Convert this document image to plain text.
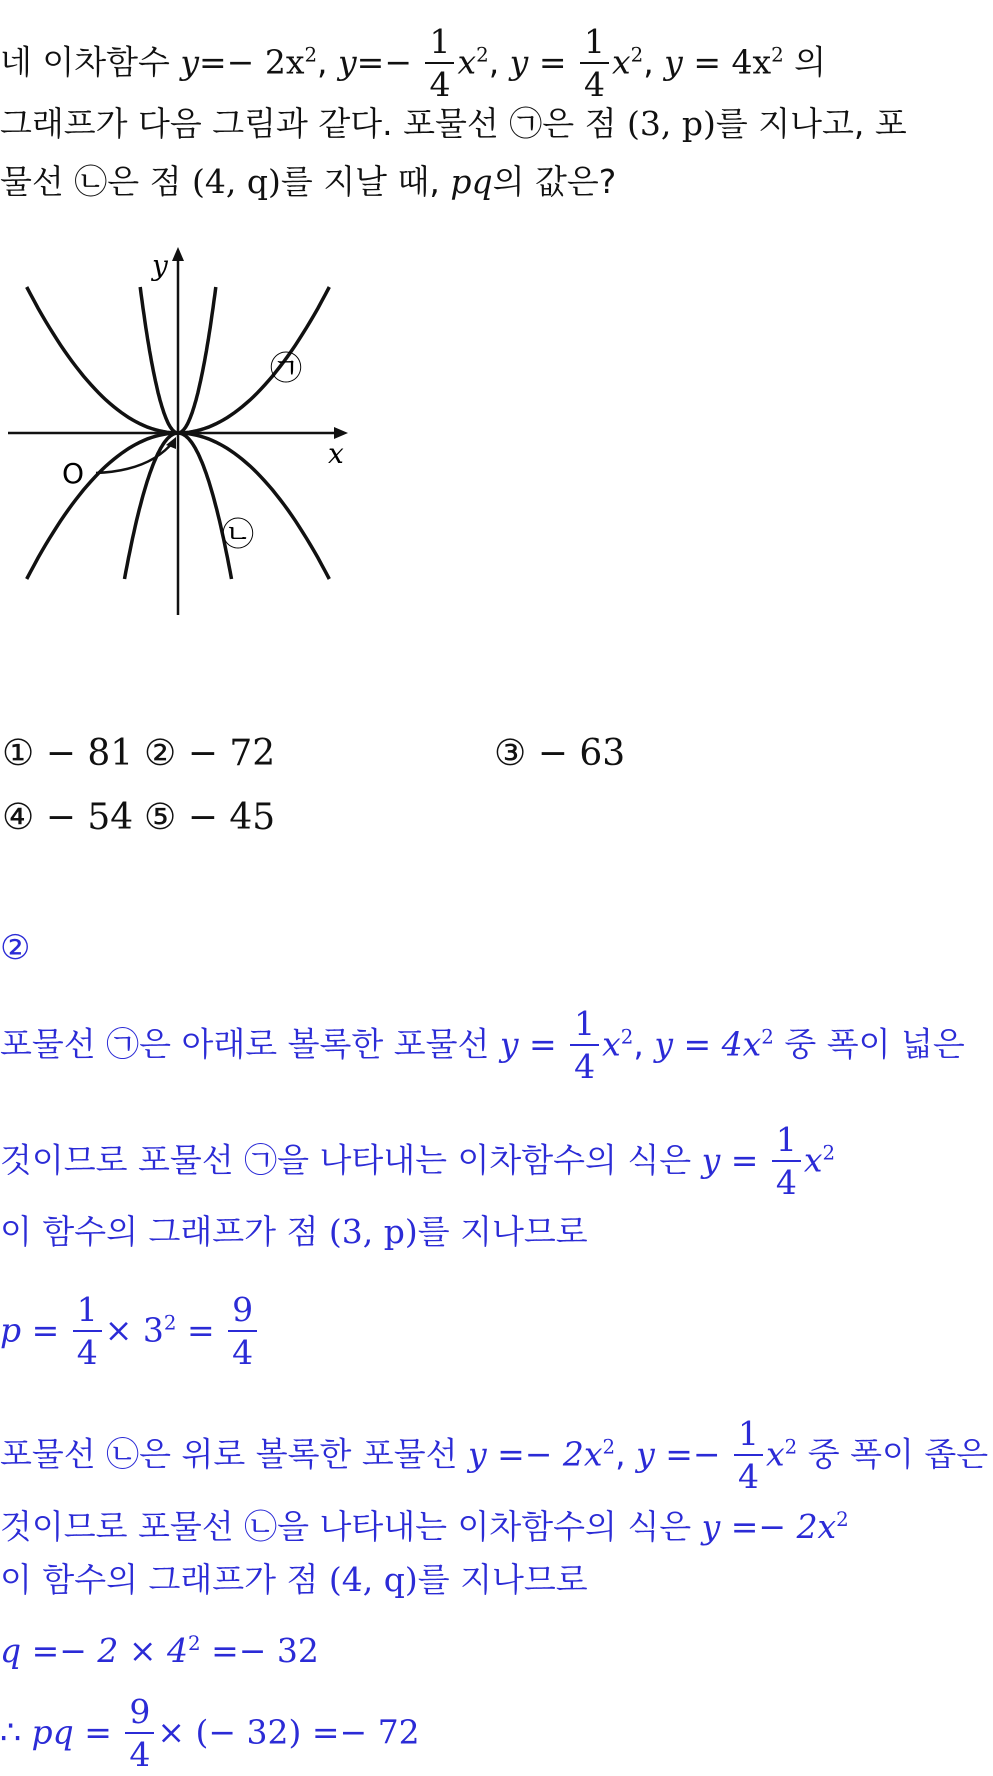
네 이차함수 $y=- 2x^2$, $y=- \frac{1}{4} x^2$, $y = \frac{1}{4} x^2$, $y = 4x^2$ 의
그래프가 다음 그림과 같다. 포물선 ㉠은 점 (3, p)를 지나고, 포
물선 ㉡은 점 (4, q)를 지날 때, pq의 값은?
y
x
O
㉠
㉡
① − 81 ② − 72	③ − 63
④ − 54 ⑤ − 45
②
포물선 ㉠은 아래로 볼록한 포물선 $y = \frac{1}{4} x^2$, $y = 4x^2$ 중 폭이 넓은
것이므로 포물선 ㉠을 나타내는 이차함수의 식은 $y = \frac{1}{4} x^2$
이 함수의 그래프가 점 (3, p)를 지나므로
$p = \frac{1}{4} \times 3^2 = \frac{9}{4}$
포물선 ㉡은 위로 볼록한 포물선 $y =- 2x^2$, $y =- \frac{1}{4} x^2$ 중 폭이 좁은
것이므로 포물선 ㉡을 나타내는 이차함수의 식은 $y =- 2x^2$
이 함수의 그래프가 점 (4, q)를 지나므로
$q =- 2 \times 4^2 =- 32$
∴ pq = $\frac{9}{4}$ × (− 32) =− 72
